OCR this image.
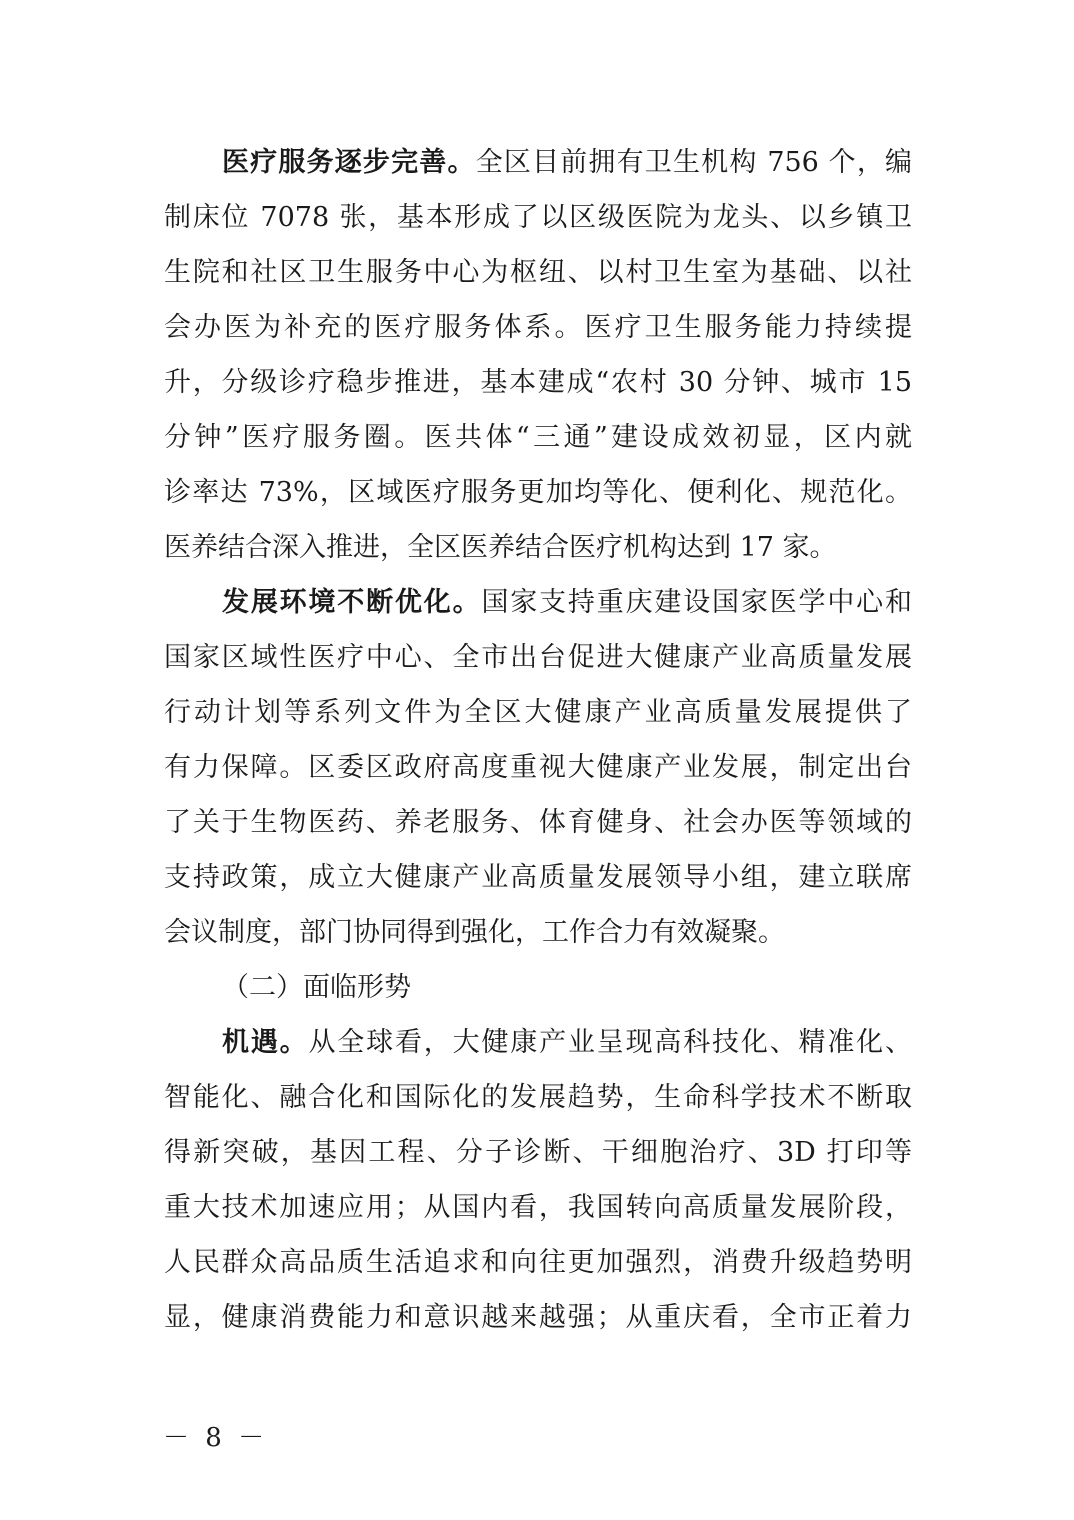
医疗服务逐步完善。全区目前拥有卫生机构 756 个，编
制床位 7078 张，基本形成了以区级医院为龙头、以乡镇卫
生院和社区卫生服务中心为枢纽、以村卫生室为基础、以社
会办医为补充的医疗服务体系。医疗卫生服务能力持续提
升，分级诊疗稳步推进，基本建成“农村 30 分钟、城市 15
分钟”医疗服务圈。医共体“三通”建设成效初显，区内就
诊率达 73%，区域医疗服务更加均等化、便利化、规范化。
医养结合深入推进，全区医养结合医疗机构达到 17 家。
发展环境不断优化。国家支持重庆建设国家医学中心和
国家区域性医疗中心、全市出台促进大健康产业高质量发展
行动计划等系列文件为全区大健康产业高质量发展提供了
有力保障。区委区政府高度重视大健康产业发展，制定出台
了关于生物医药、养老服务、体育健身、社会办医等领域的
支持政策，成立大健康产业高质量发展领导小组，建立联席
会议制度，部门协同得到强化，工作合力有效凝聚。
（二）面临形势
机遇。从全球看，大健康产业呈现高科技化、精准化、
智能化、融合化和国际化的发展趋势，生命科学技术不断取
得新突破，基因工程、分子诊断、干细胞治疗、3D 打印等
重大技术加速应用；从国内看，我国转向高质量发展阶段，
人民群众高品质生活追求和向往更加强烈，消费升级趋势明
显，健康消费能力和意识越来越强；从重庆看，全市正着力
－ 8 －
